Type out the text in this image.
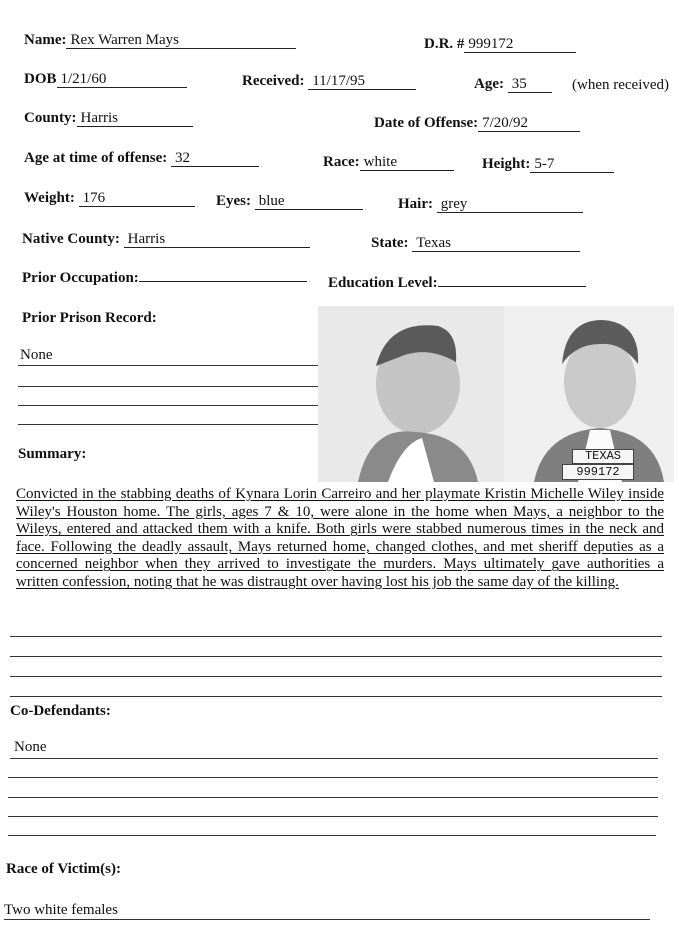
Name: Rex Warren Mays	D.R. # 999172
DOB 1/21/60	Received: 11/17/95	Age: 35	(when received)
County: Harris	Date of Offense: 7/20/92
Age at time of offense: 32	Race: white	Height: 5-7
Weight: 176	Eyes: blue	Hair: grey
Native County: Harris	State: Texas
Prior Occupation:	Education Level:
Prior Prison Record:
None
TEXAS
999172
Summary:
Convicted in the stabbing deaths of Kynara Lorin Carreiro and her playmate Kristin Michelle Wiley inside Wiley's Houston home. The girls, ages 7 & 10, were alone in the home when Mays, a neighbor to the Wileys, entered and attacked them with a knife. Both girls were stabbed numerous times in the neck and face. Following the deadly assault, Mays returned home, changed clothes, and met sheriff deputies as a concerned neighbor when they arrived to investigate the murders. Mays ultimately gave authorities a written confession, noting that he was distraught over having lost his job the same day of the killing.
Co-Defendants:
None
Race of Victim(s):
Two white females
